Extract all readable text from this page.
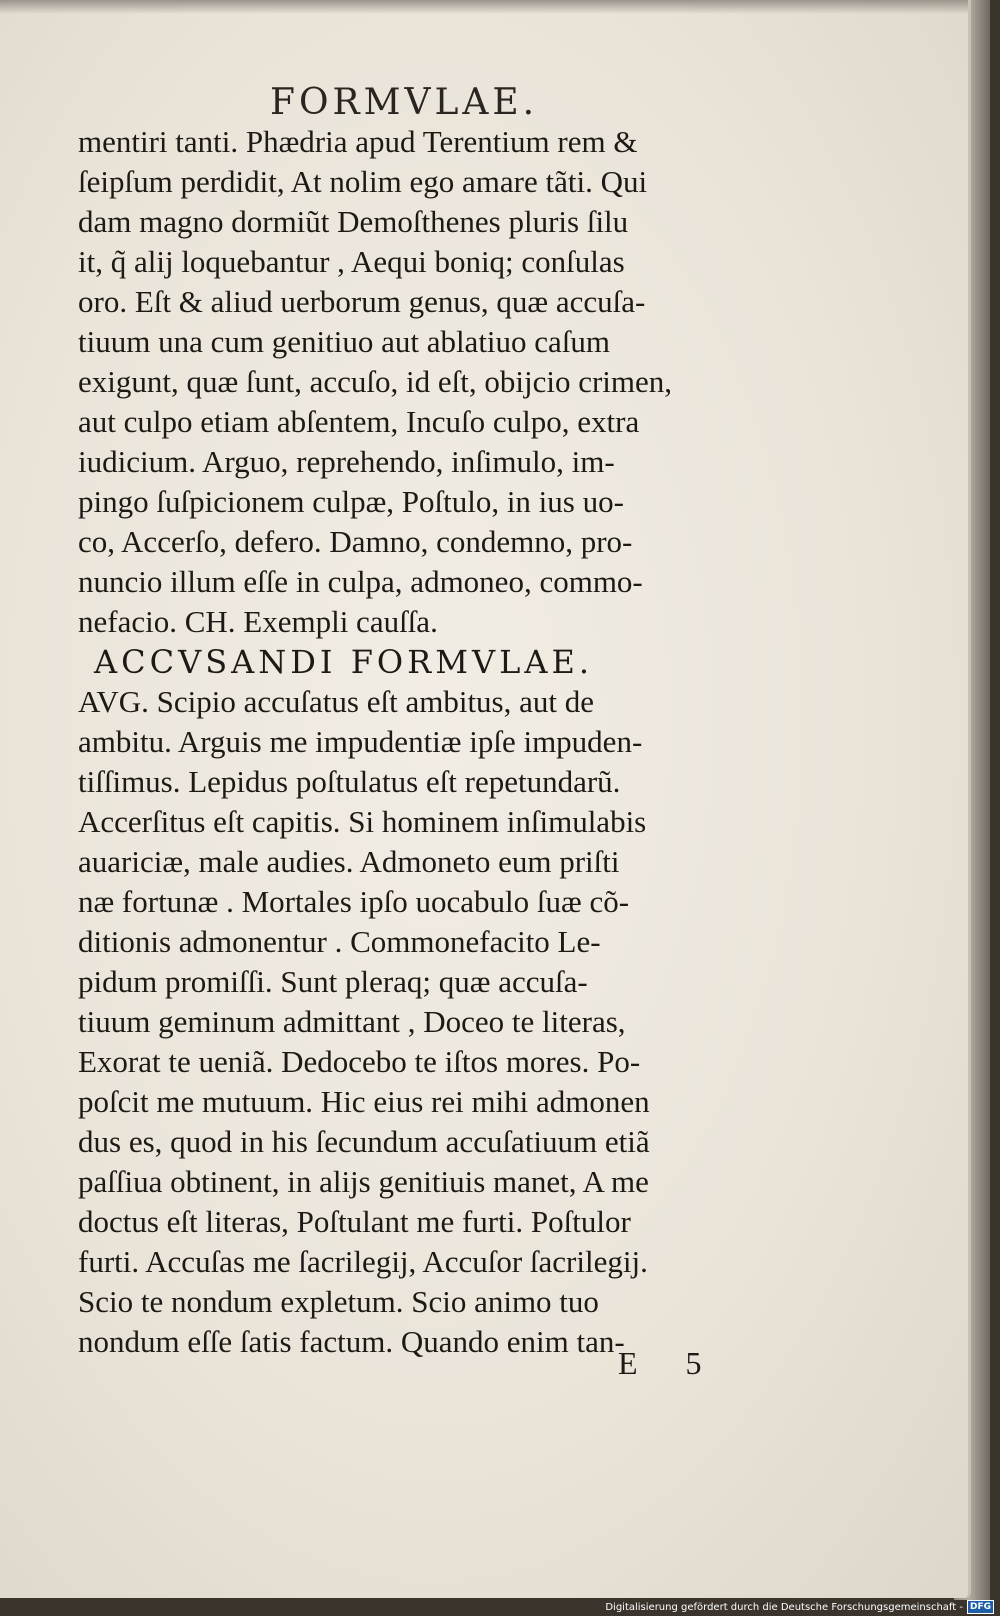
FORMVLAE.
mentiri tanti. Phædria apud Terentium rem &
ſeipſum perdidit, At nolim ego amare tãti. Qui
dam magno dormiũt Demoſthenes pluris ſilu
it, q̃ alij loquebantur , Aequi boniq; conſulas
oro. Eſt & aliud uerborum genus, quæ accuſa-
tiuum una cum genitiuo aut ablatiuo caſum
exigunt, quæ ſunt, accuſo, id eſt, obijcio crimen,
aut culpo etiam abſentem, Incuſo culpo, extra
iudicium. Arguo, reprehendo, inſimulo, im-
pingo ſuſpicionem culpæ, Poſtulo, in ius uo-
co, Accerſo, defero. Damno, condemno, pro-
nuncio illum eſſe in culpa, admoneo, commo-
nefacio. CH. Exempli cauſſa.
ACCVSANDI FORMVLAE.
AVG. Scipio accuſatus eſt ambitus, aut de
ambitu. Arguis me impudentiæ ipſe impuden-
tiſſimus. Lepidus poſtulatus eſt repetundarũ.
Accerſitus eſt capitis. Si hominem inſimulabis
auariciæ, male audies. Admoneto eum priſti
næ fortunæ . Mortales ipſo uocabulo ſuæ cõ-
ditionis admonentur . Commonefacito Le-
pidum promiſſi. Sunt pleraq; quæ accuſa-
tiuum geminum admittant , Doceo te literas,
Exorat te ueniã. Dedocebo te iſtos mores. Po-
poſcit me mutuum. Hic eius rei mihi admonen
dus es, quod in his ſecundum accuſatiuum etiã
paſſiua obtinent, in alijs genitiuis manet, A me
doctus eſt literas, Poſtulant me furti. Poſtulor
furti. Accuſas me ſacrilegij, Accuſor ſacrilegij.
Scio te nondum expletum. Scio animo tuo
nondum eſſe ſatis factum. Quando enim tan-
E 5
Digitalisierung gefördert durch die Deutsche Forschungsgemeinschaft - DFG
